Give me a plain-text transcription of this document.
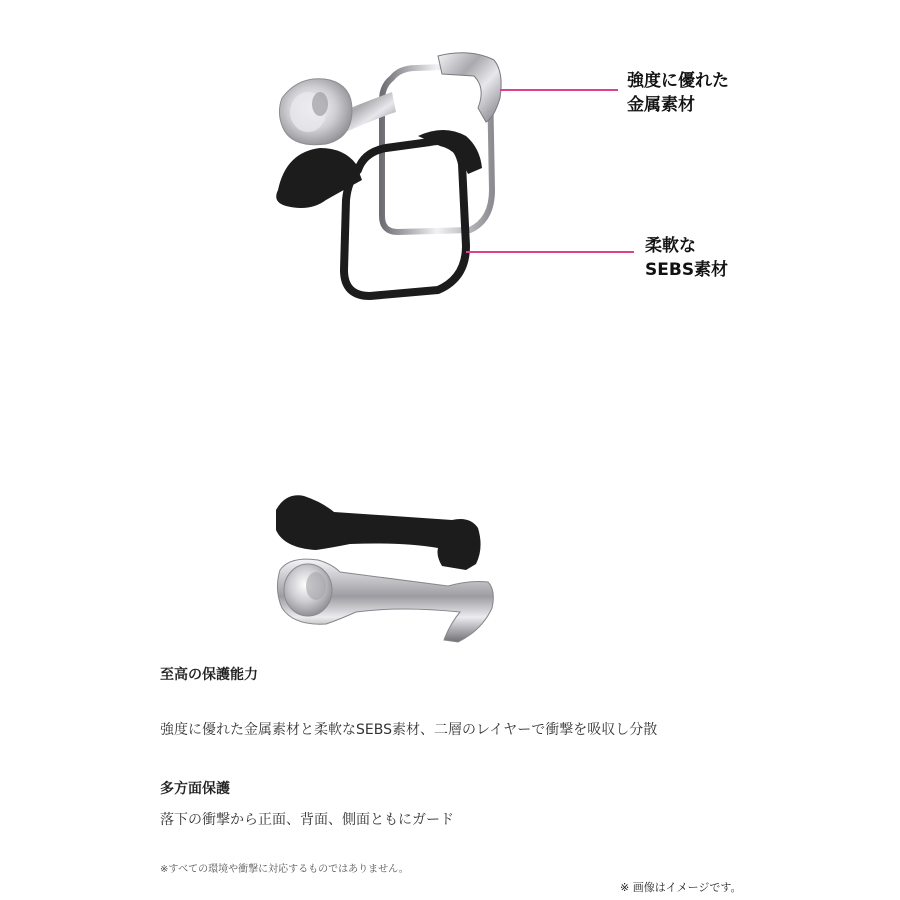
強度に優れた
金属素材
柔軟な
SEBS素材
至高の保護能力
強度に優れた金属素材と柔軟なSEBS素材、二層のレイヤーで衝撃を吸収し分散
多方面保護
落下の衝撃から正面、背面、側面ともにガード
※すべての環境や衝撃に対応するものではありません。
※ 画像はイメージです。
